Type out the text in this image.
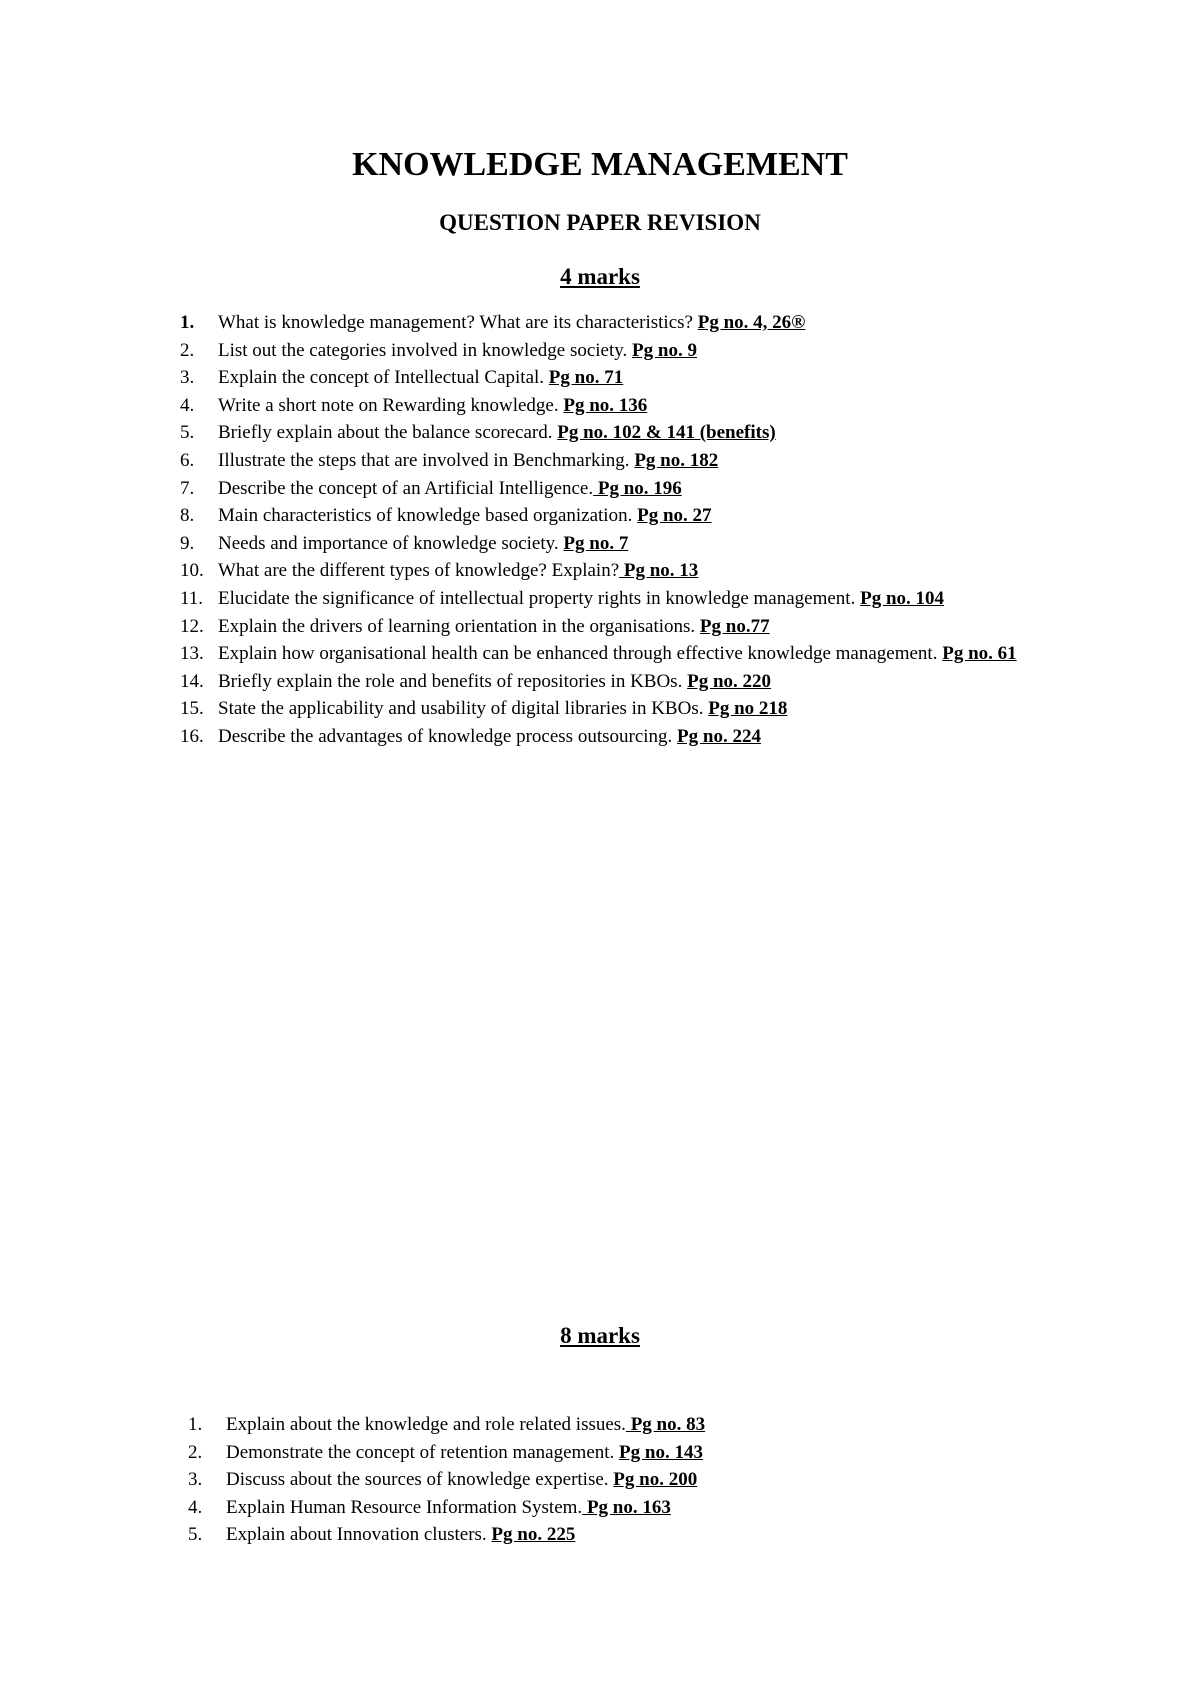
KNOWLEDGE MANAGEMENT
QUESTION PAPER REVISION
4 marks
1. What is knowledge management? What are its characteristics? Pg no. 4, 26®
2. List out the categories involved in knowledge society. Pg no. 9
3. Explain the concept of Intellectual Capital. Pg no. 71
4. Write a short note on Rewarding knowledge. Pg no. 136
5. Briefly explain about the balance scorecard. Pg no. 102 & 141 (benefits)
6. Illustrate the steps that are involved in Benchmarking. Pg no. 182
7. Describe the concept of an Artificial Intelligence. Pg no. 196
8. Main characteristics of knowledge based organization. Pg no. 27
9. Needs and importance of knowledge society. Pg no. 7
10. What are the different types of knowledge? Explain? Pg no. 13
11. Elucidate the significance of intellectual property rights in knowledge management. Pg no. 104
12. Explain the drivers of learning orientation in the organisations. Pg no.77
13. Explain how organisational health can be enhanced through effective knowledge management. Pg no. 61
14. Briefly explain the role and benefits of repositories in KBOs. Pg no. 220
15. State the applicability and usability of digital libraries in KBOs. Pg no 218
16. Describe the advantages of knowledge process outsourcing. Pg no. 224
8 marks
1. Explain about the knowledge and role related issues. Pg no. 83
2. Demonstrate the concept of retention management. Pg no. 143
3. Discuss about the sources of knowledge expertise. Pg no. 200
4. Explain Human Resource Information System. Pg no. 163
5. Explain about Innovation clusters. Pg no. 225
